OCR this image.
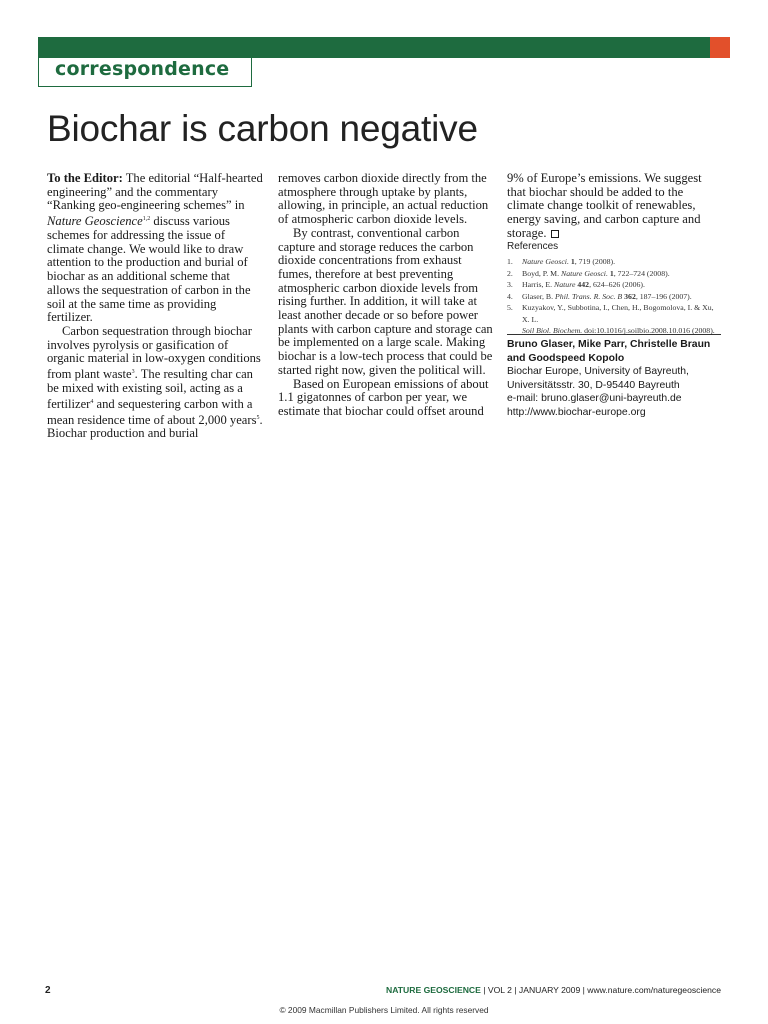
correspondence
Biochar is carbon negative

To the Editor: The editorial “Half-hearted engineering” and the commentary “Ranking geo-engineering schemes” in Nature Geoscience$^{1,2}$ discuss various schemes for addressing the issue of climate change. We would like to draw attention to the production and burial of biochar as an additional scheme that allows the sequestration of carbon in the soil at the same time as providing fertilizer.

Carbon sequestration through biochar involves pyrolysis or gasification of organic material in low-oxygen conditions from plant waste$^3$. The resulting char can be mixed with existing soil, acting as a fertilizer$^4$ and sequestering carbon with a mean residence time of about 2,000 years$^5$. Biochar production and burial

removes carbon dioxide directly from the atmosphere through uptake by plants, allowing, in principle, an actual reduction of atmospheric carbon dioxide levels.

By contrast, conventional carbon capture and storage reduces the carbon dioxide concentrations from exhaust fumes, therefore at best preventing atmospheric carbon dioxide levels from rising further. In addition, it will take at least another decade or so before power plants with carbon capture and storage can be implemented on a large scale. Making biochar is a low-tech process that could be started right now, given the political will.

Based on European emissions of about 1.1 gigatonnes of carbon per year, we estimate that biochar could offset around

9% of Europe’s emissions. We suggest that biochar should be added to the climate change toolkit of renewables, energy saving, and carbon capture and storage.

References
1. Nature Geosci. 1, 719 (2008).
2. Boyd, P. M. Nature Geosci. 1, 722–724 (2008).
3. Harris, E. Nature 442, 624–626 (2006).
4. Glaser, B. Phil. Trans. R. Soc. B 362, 187–196 (2007).
5. Kuzyakov, Y., Subbotina, I., Chen, H., Bogomolova, I. & Xu, X. L.
Soil Biol. Biochem. doi:10.1016/j.soilbio.2008.10.016 (2008).
Bruno Glaser, Mike Parr, Christelle Braun
and Goodspeed Kopolo
Biochar Europe, University of Bayreuth,
Universitätsstr. 30, D-95440 Bayreuth
e-mail: bruno.glaser@uni-bayreuth.de
http://www.biochar-europe.org
2	NATURE GEOSCIENCE | VOL 2 | JANUARY 2009 | www.nature.com/naturegeoscience
© 2009 Macmillan Publishers Limited. All rights reserved
